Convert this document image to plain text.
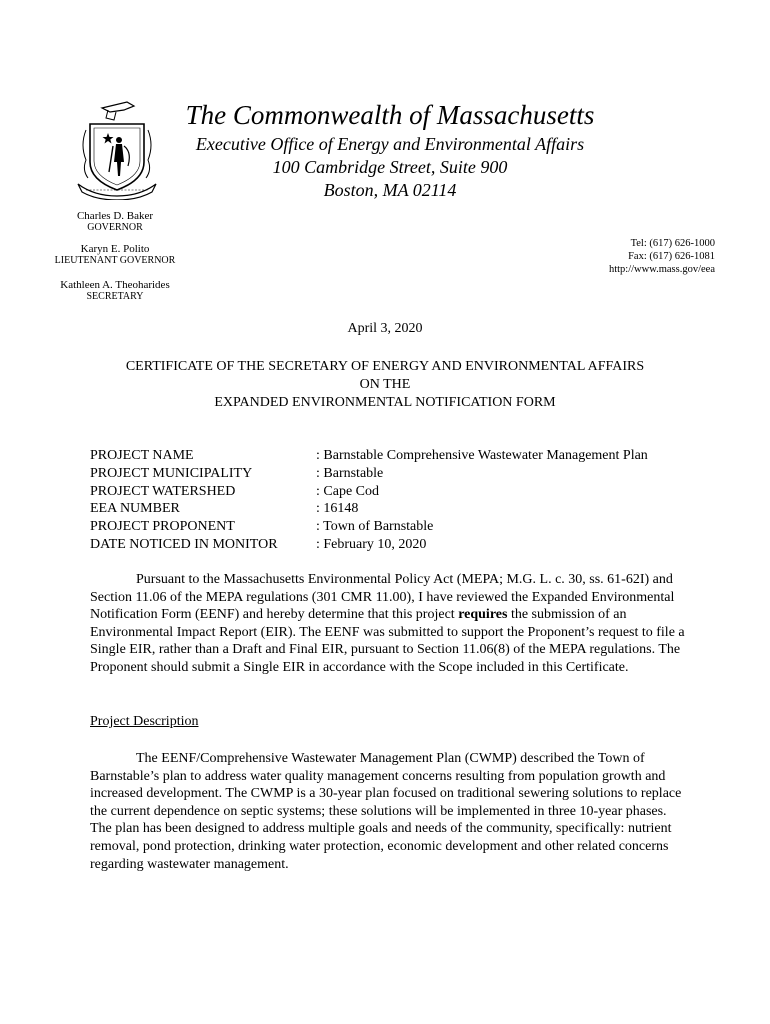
The Commonwealth of Massachusetts
Executive Office of Energy and Environmental Affairs
100 Cambridge Street, Suite 900
Boston, MA 02114
Charles D. Baker
GOVERNOR
Karyn E. Polito
LIEUTENANT GOVERNOR
Kathleen A. Theoharides
SECRETARY
Tel: (617) 626-1000
Fax: (617) 626-1081
http://www.mass.gov/eea
April 3, 2020
CERTIFICATE OF THE SECRETARY OF ENERGY AND ENVIRONMENTAL AFFAIRS
ON THE
EXPANDED ENVIRONMENTAL NOTIFICATION FORM
PROJECT NAME	: Barnstable Comprehensive Wastewater Management Plan
PROJECT MUNICIPALITY	: Barnstable
PROJECT WATERSHED	: Cape Cod
EEA NUMBER	: 16148
PROJECT PROPONENT	: Town of Barnstable
DATE NOTICED IN MONITOR	: February 10, 2020

Pursuant to the Massachusetts Environmental Policy Act (MEPA; M.G. L. c. 30, ss. 61-62I) and Section 11.06 of the MEPA regulations (301 CMR 11.00), I have reviewed the Expanded Environmental Notification Form (EENF) and hereby determine that this project requires the submission of an Environmental Impact Report (EIR). The EENF was submitted to support the Proponent’s request to file a Single EIR, rather than a Draft and Final EIR, pursuant to Section 11.06(8) of the MEPA regulations. The Proponent should submit a Single EIR in accordance with the Scope included in this Certificate.

Project Description

The EENF/Comprehensive Wastewater Management Plan (CWMP) described the Town of Barnstable’s plan to address water quality management concerns resulting from population growth and increased development. The CWMP is a 30-year plan focused on traditional sewering solutions to replace the current dependence on septic systems; these solutions will be implemented in three 10-year phases. The plan has been designed to address multiple goals and needs of the community, specifically: nutrient removal, pond protection, drinking water protection, economic development and other related concerns regarding wastewater management.
